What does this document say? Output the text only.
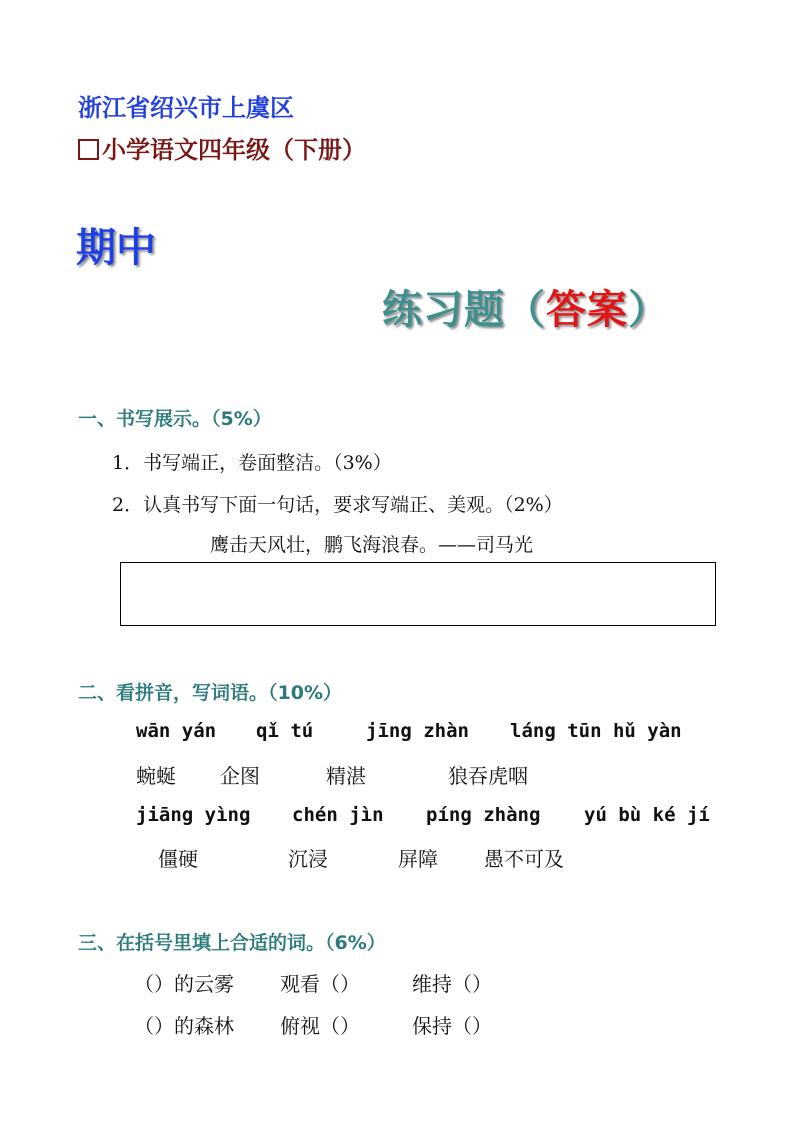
浙江省绍兴市上虞区
小学语文四年级（下册）
期中
练习题（答案）
一、书写展示。（5%）
1．书写端正，卷面整洁。（3%）
2．认真书写下面一句话，要求写端正、美观。（2%）
鹰击天风壮，鹏飞海浪春。——司马光
二、看拼音，写词语。（10%）
wān yán qǐ tú	jīng zhàn láng tūn hǔ yàn
蜿蜒 企图	精湛	狼吞虎咽
jiāng yìng chén jìn píng zhàng yú bù ké jí
僵硬	沉浸	屏障 愚不可及
三、在括号里填上合适的词。（6%）
（）的云雾 观看（）	维持（）
（）的森林 俯视（）	保持（）
